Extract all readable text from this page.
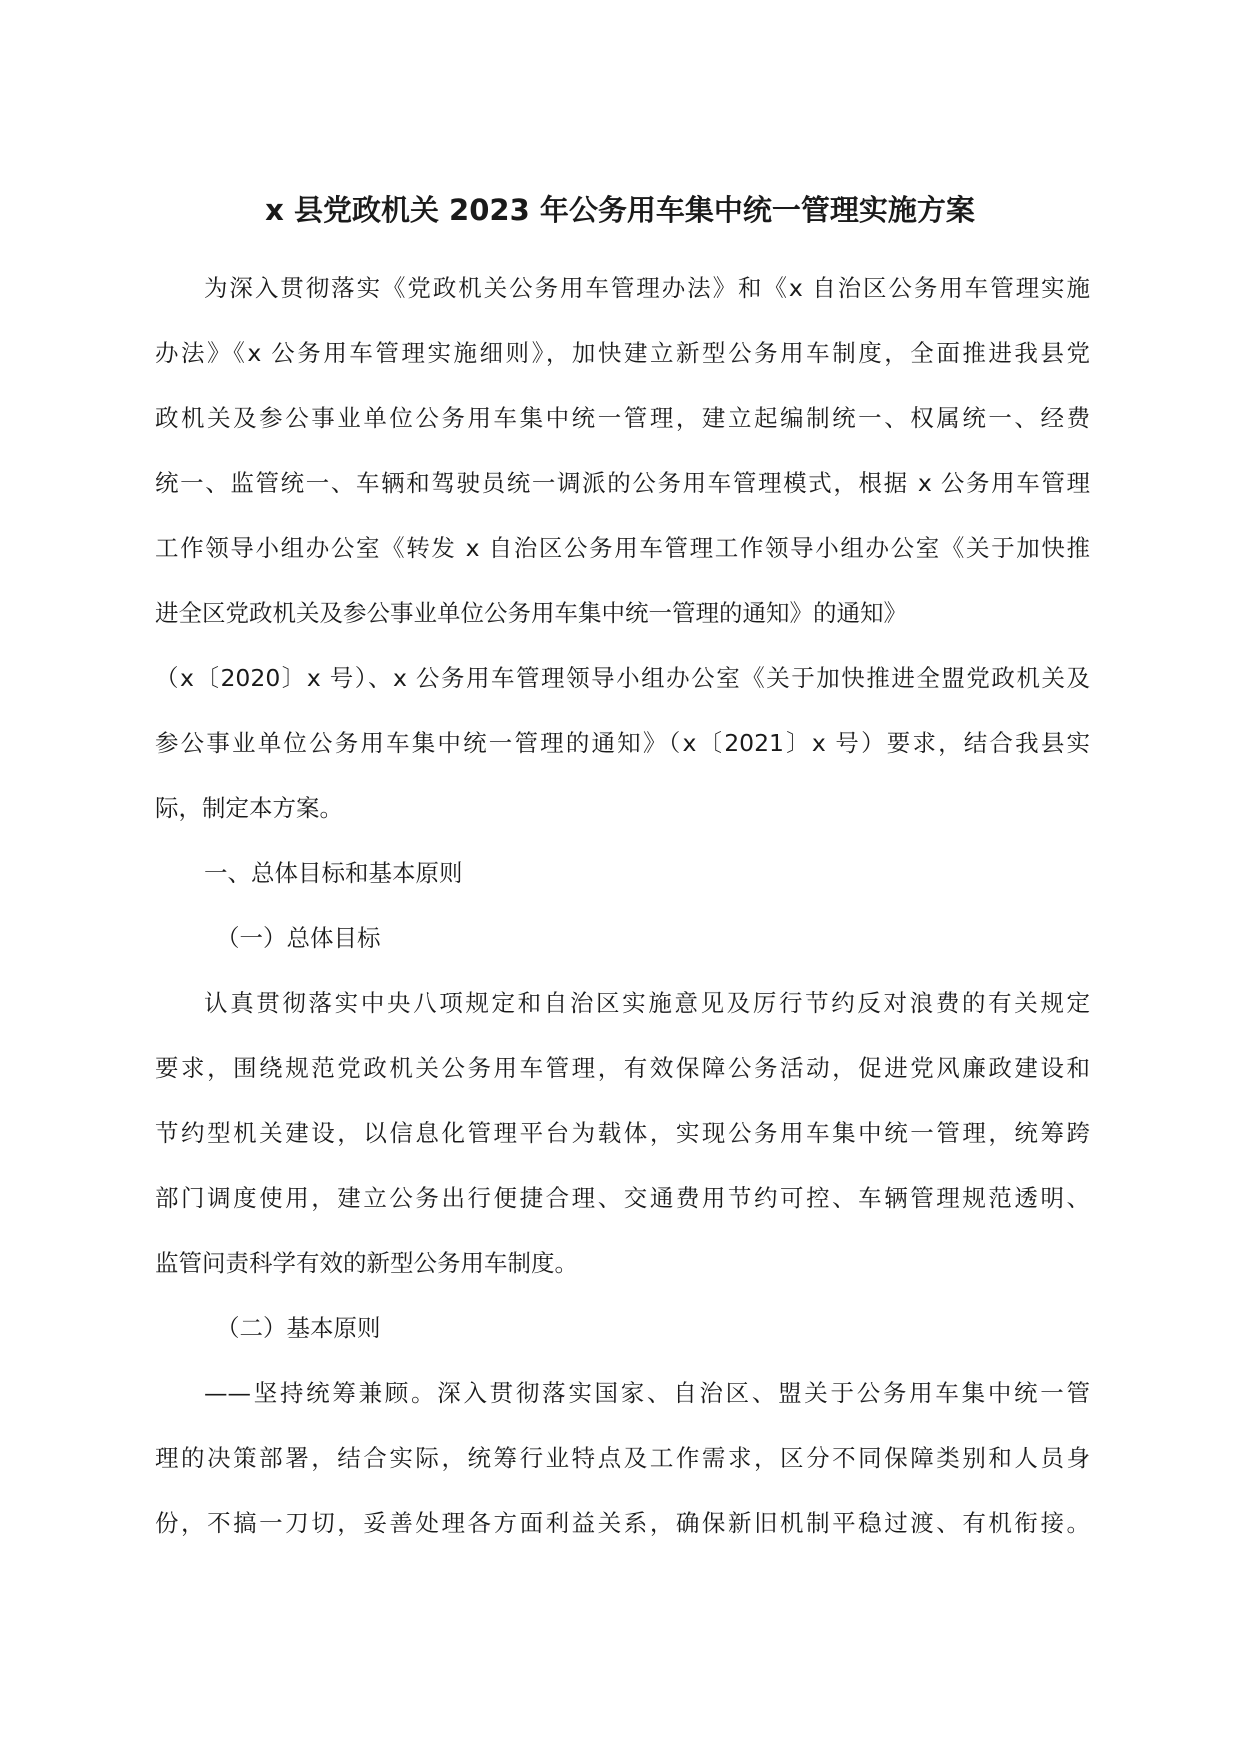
x 县党政机关 2023 年公务用车集中统一管理实施方案
为深入贯彻落实《党政机关公务用车管理办法》和《x 自治区公务用车管理实施
办法》《x 公务用车管理实施细则》，加快建立新型公务用车制度，全面推进我县党
政机关及参公事业单位公务用车集中统一管理，建立起编制统一、权属统一、经费
统一、监管统一、车辆和驾驶员统一调派的公务用车管理模式，根据 x 公务用车管理
工作领导小组办公室《转发 x 自治区公务用车管理工作领导小组办公室《关于加快推
进全区党政机关及参公事业单位公务用车集中统一管理的通知》的通知》
（x〔2020〕x 号）、x 公务用车管理领导小组办公室《关于加快推进全盟党政机关及
参公事业单位公务用车集中统一管理的通知》（x〔2021〕x 号）要求，结合我县实
际，制定本方案。
一、总体目标和基本原则
（一）总体目标
认真贯彻落实中央八项规定和自治区实施意见及厉行节约反对浪费的有关规定
要求，围绕规范党政机关公务用车管理，有效保障公务活动，促进党风廉政建设和
节约型机关建设，以信息化管理平台为载体，实现公务用车集中统一管理，统筹跨
部门调度使用，建立公务出行便捷合理、交通费用节约可控、车辆管理规范透明、
监管问责科学有效的新型公务用车制度。
（二）基本原则
——坚持统筹兼顾。深入贯彻落实国家、自治区、盟关于公务用车集中统一管
理的决策部署，结合实际，统筹行业特点及工作需求，区分不同保障类别和人员身
份，不搞一刀切，妥善处理各方面利益关系，确保新旧机制平稳过渡、有机衔接。
